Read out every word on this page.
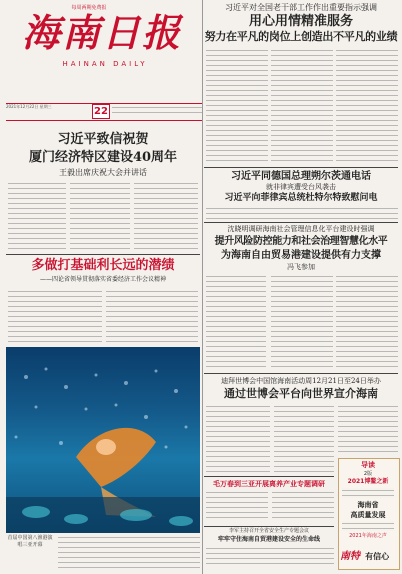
每周两期免费报
海南日报
HAINAN DAILY
2021年12月22日 星期三	22
习近平对全国老干部工作作出重要指示强调
用心用情精准服务
努力在平凡的岗位上创造出不平凡的业绩
习近平致信祝贺
厦门经济特区建设40周年
王毅出席庆祝大会并讲话	习近平同德国总理朔尔茨通电话
就非律宾遭受台风袭击
习近平向菲律宾总统杜特尔特致慰问电
沈晓明调研海南社会管理信息化平台建设时强调
提升风险防控能力和社会治理智慧化水平
为海南自由贸易港建设提供有力支撑
冯飞参加
多做打基础利长远的潜绩
——四论省领导贯彻落实省委经济工作会议精神
首届中国第八渔港演唱三亚开幕
迪拜世博会中国馆海南活动周12月21日至24日举办
通过世博会平台向世界宣介海南
导读
2版
2021博鳌之新
海南省
高质量发展
2021年海南之声
南特 有信心
毛万春到三亚开展离养产业专题调研
李军主持召开全省安全生产专题会议
牢牢守住海南自贸港建设安全的生命线
